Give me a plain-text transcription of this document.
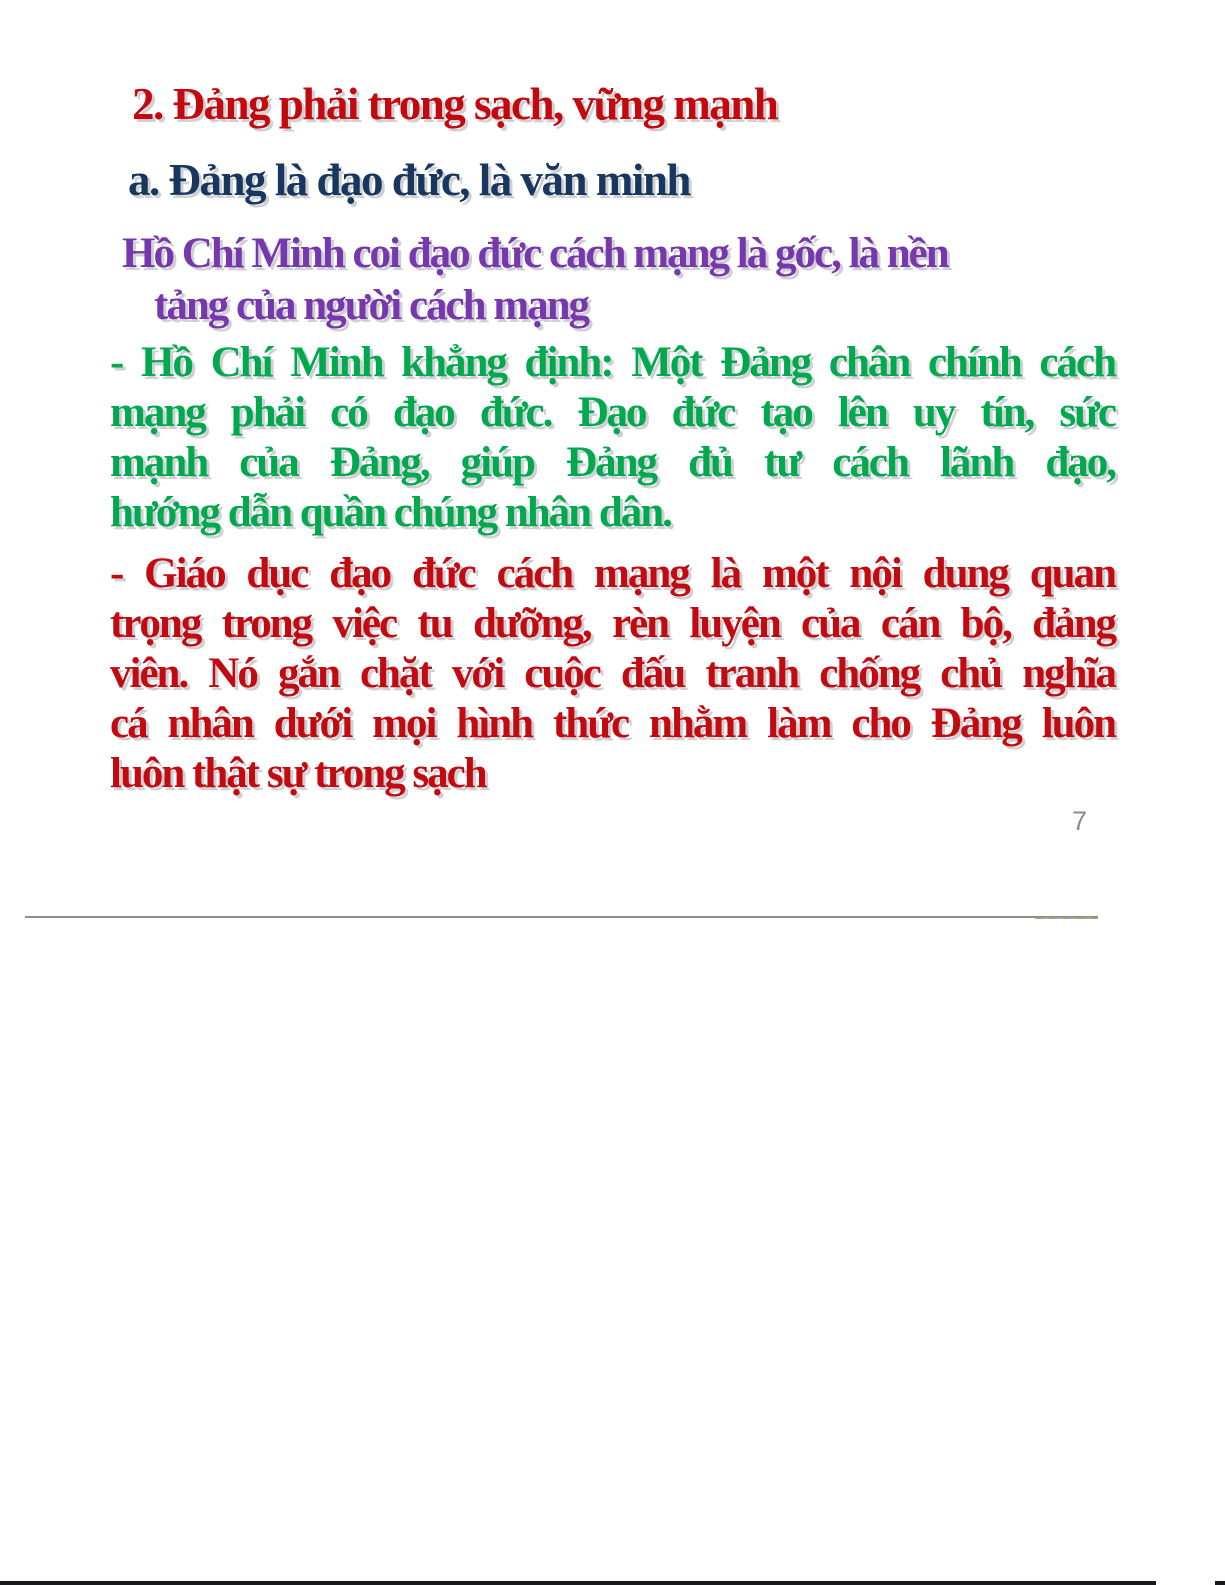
2. Đảng phải trong sạch, vững mạnh
a. Đảng là đạo đức, là văn minh
Hồ Chí Minh coi đạo đức cách mạng là gốc, là nền
tảng của người cách mạng
- Hồ Chí Minh khẳng định: Một Đảng chân chính cách
mạng phải có đạo đức. Đạo đức tạo lên uy tín, sức
mạnh của Đảng, giúp Đảng đủ tư cách lãnh đạo,
hướng dẫn quần chúng nhân dân.
- Giáo dục đạo đức cách mạng là một nội dung quan
trọng trong việc tu dưỡng, rèn luyện của cán bộ, đảng
viên. Nó gắn chặt với cuộc đấu tranh chống chủ nghĩa
cá nhân dưới mọi hình thức nhằm làm cho Đảng luôn
luôn thật sự trong sạch
7
